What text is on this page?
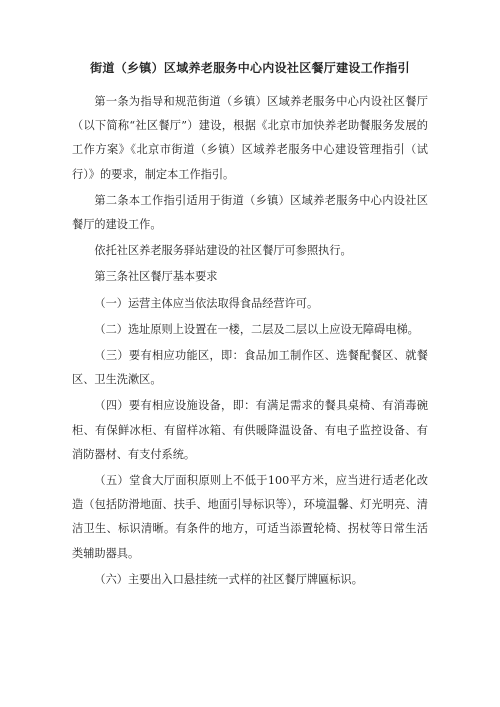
街道（乡镇）区域养老服务中心内设社区餐厅建设工作指引

第一条为指导和规范街道（乡镇）区域养老服务中心内设社区餐厅（以下简称“社区餐厅”）建设，根据《北京市加快养老助餐服务发展的工作方案》《北京市街道（乡镇）区域养老服务中心建设管理指引（试行）》的要求，制定本工作指引。

第二条本工作指引适用于街道（乡镇）区域养老服务中心内设社区餐厅的建设工作。

依托社区养老服务驿站建设的社区餐厅可参照执行。

第三条社区餐厅基本要求

（一）运营主体应当依法取得食品经营许可。

（二）选址原则上设置在一楼，二层及二层以上应设无障碍电梯。

（三）要有相应功能区，即：食品加工制作区、选餐配餐区、就餐区、卫生洗漱区。

（四）要有相应设施设备，即：有满足需求的餐具桌椅、有消毒碗柜、有保鲜冰柜、有留样冰箱、有供暖降温设备、有电子监控设备、有消防器材、有支付系统。

（五）堂食大厅面积原则上不低于100平方米，应当进行适老化改造（包括防滑地面、扶手、地面引导标识等），环境温馨、灯光明亮、清洁卫生、标识清晰。有条件的地方，可适当添置轮椅、拐杖等日常生活类辅助器具。

（六）主要出入口悬挂统一式样的社区餐厅牌匾标识。
